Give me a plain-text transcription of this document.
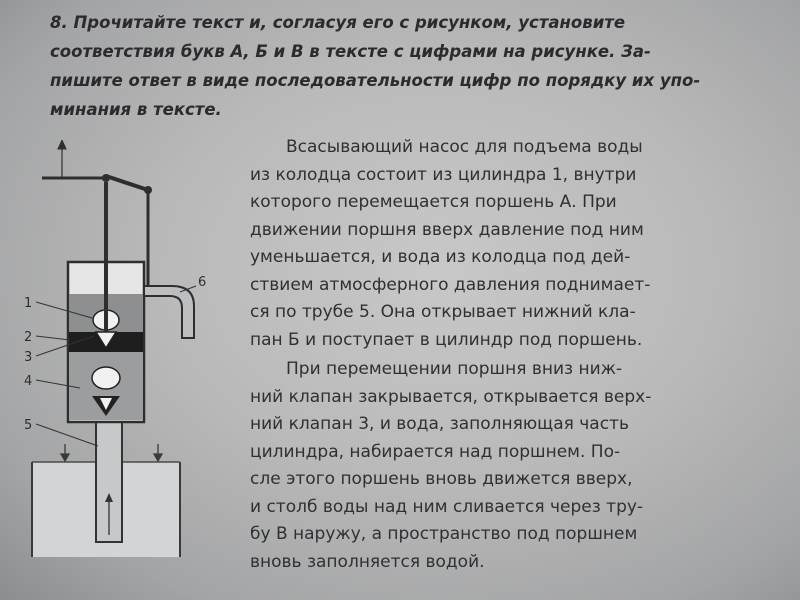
8. Прочитайте текст и, согласуя его с рисунком, установите
соответствия букв А, Б и В в тексте с цифрами на рисунке. За-
пишите ответ в виде последовательности цифр по порядку их упо-
минания в тексте.

Всасывающий насос для подъема воды
из колодца состоит из цилиндра 1, внутри
которого перемещается поршень А. При
движении поршня вверх давление под ним
уменьшается, и вода из колодца под дей-
ствием атмосферного давления поднимает-
ся по трубе 5. Она открывает нижний кла-
пан Б и поступает в цилиндр под поршень.

При перемещении поршня вниз ниж-
ний клапан закрывается, открывается верх-
ний клапан 3, и вода, заполняющая часть
цилиндра, набирается над поршнем. По-
сле этого поршень вновь движется вверх,
и столб воды над ним сливается через тру-
бу В наружу, а пространство под поршнем
вновь заполняется водой.

1
2
3
4
5
6
